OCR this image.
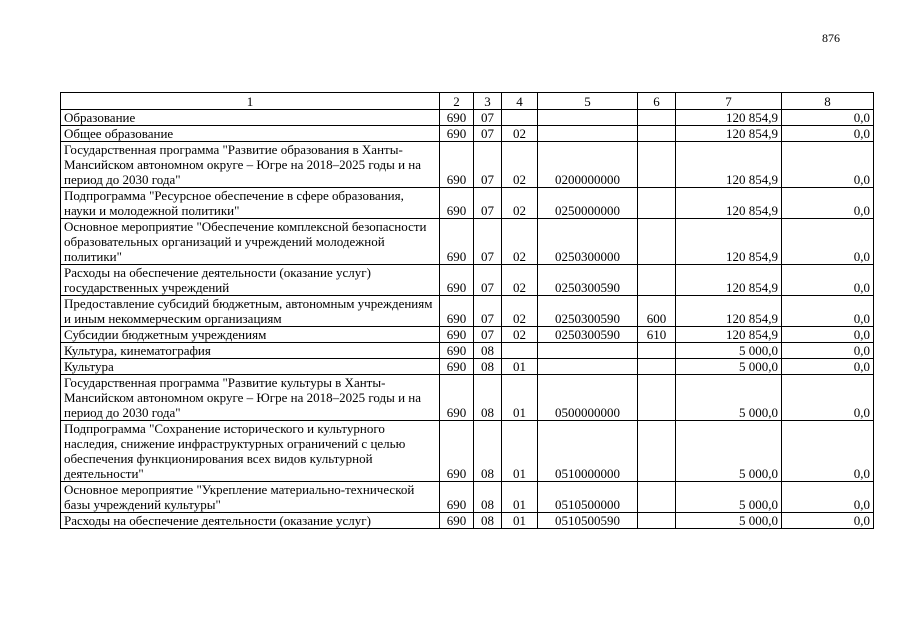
876
1	2	3	4	5	6	7	8
Образование	690	07				120 854,9	0,0
Общее образование	690	07	02			120 854,9	0,0
Государственная программа "Развитие образования в Ханты-Мансийском автономном округе – Югре на 2018–2025 годы и на период до 2030 года"	690	07	02	0200000000		120 854,9	0,0
Подпрограмма "Ресурсное обеспечение в сфере образования, науки и молодежной политики"	690	07	02	0250000000		120 854,9	0,0
Основное мероприятие "Обеспечение комплексной безопасности образовательных организаций и учреждений молодежной политики"	690	07	02	0250300000		120 854,9	0,0
Расходы на обеспечение деятельности (оказание услуг) государственных учреждений	690	07	02	0250300590		120 854,9	0,0
Предоставление субсидий бюджетным, автономным учреждениям и иным некоммерческим организациям	690	07	02	0250300590	600	120 854,9	0,0
Субсидии бюджетным учреждениям	690	07	02	0250300590	610	120 854,9	0,0
Культура, кинематография	690	08				5 000,0	0,0
Культура	690	08	01			5 000,0	0,0
Государственная программа "Развитие культуры в Ханты-Мансийском автономном округе – Югре на 2018–2025 годы и на период до 2030 года"	690	08	01	0500000000		5 000,0	0,0
Подпрограмма "Сохранение исторического и культурного наследия, снижение инфраструктурных ограничений с целью обеспечения функционирования всех видов культурной деятельности"	690	08	01	0510000000		5 000,0	0,0
Основное мероприятие "Укрепление материально-технической базы учреждений культуры"	690	08	01	0510500000		5 000,0	0,0
Расходы на обеспечение деятельности (оказание услуг)	690	08	01	0510500590		5 000,0	0,0
